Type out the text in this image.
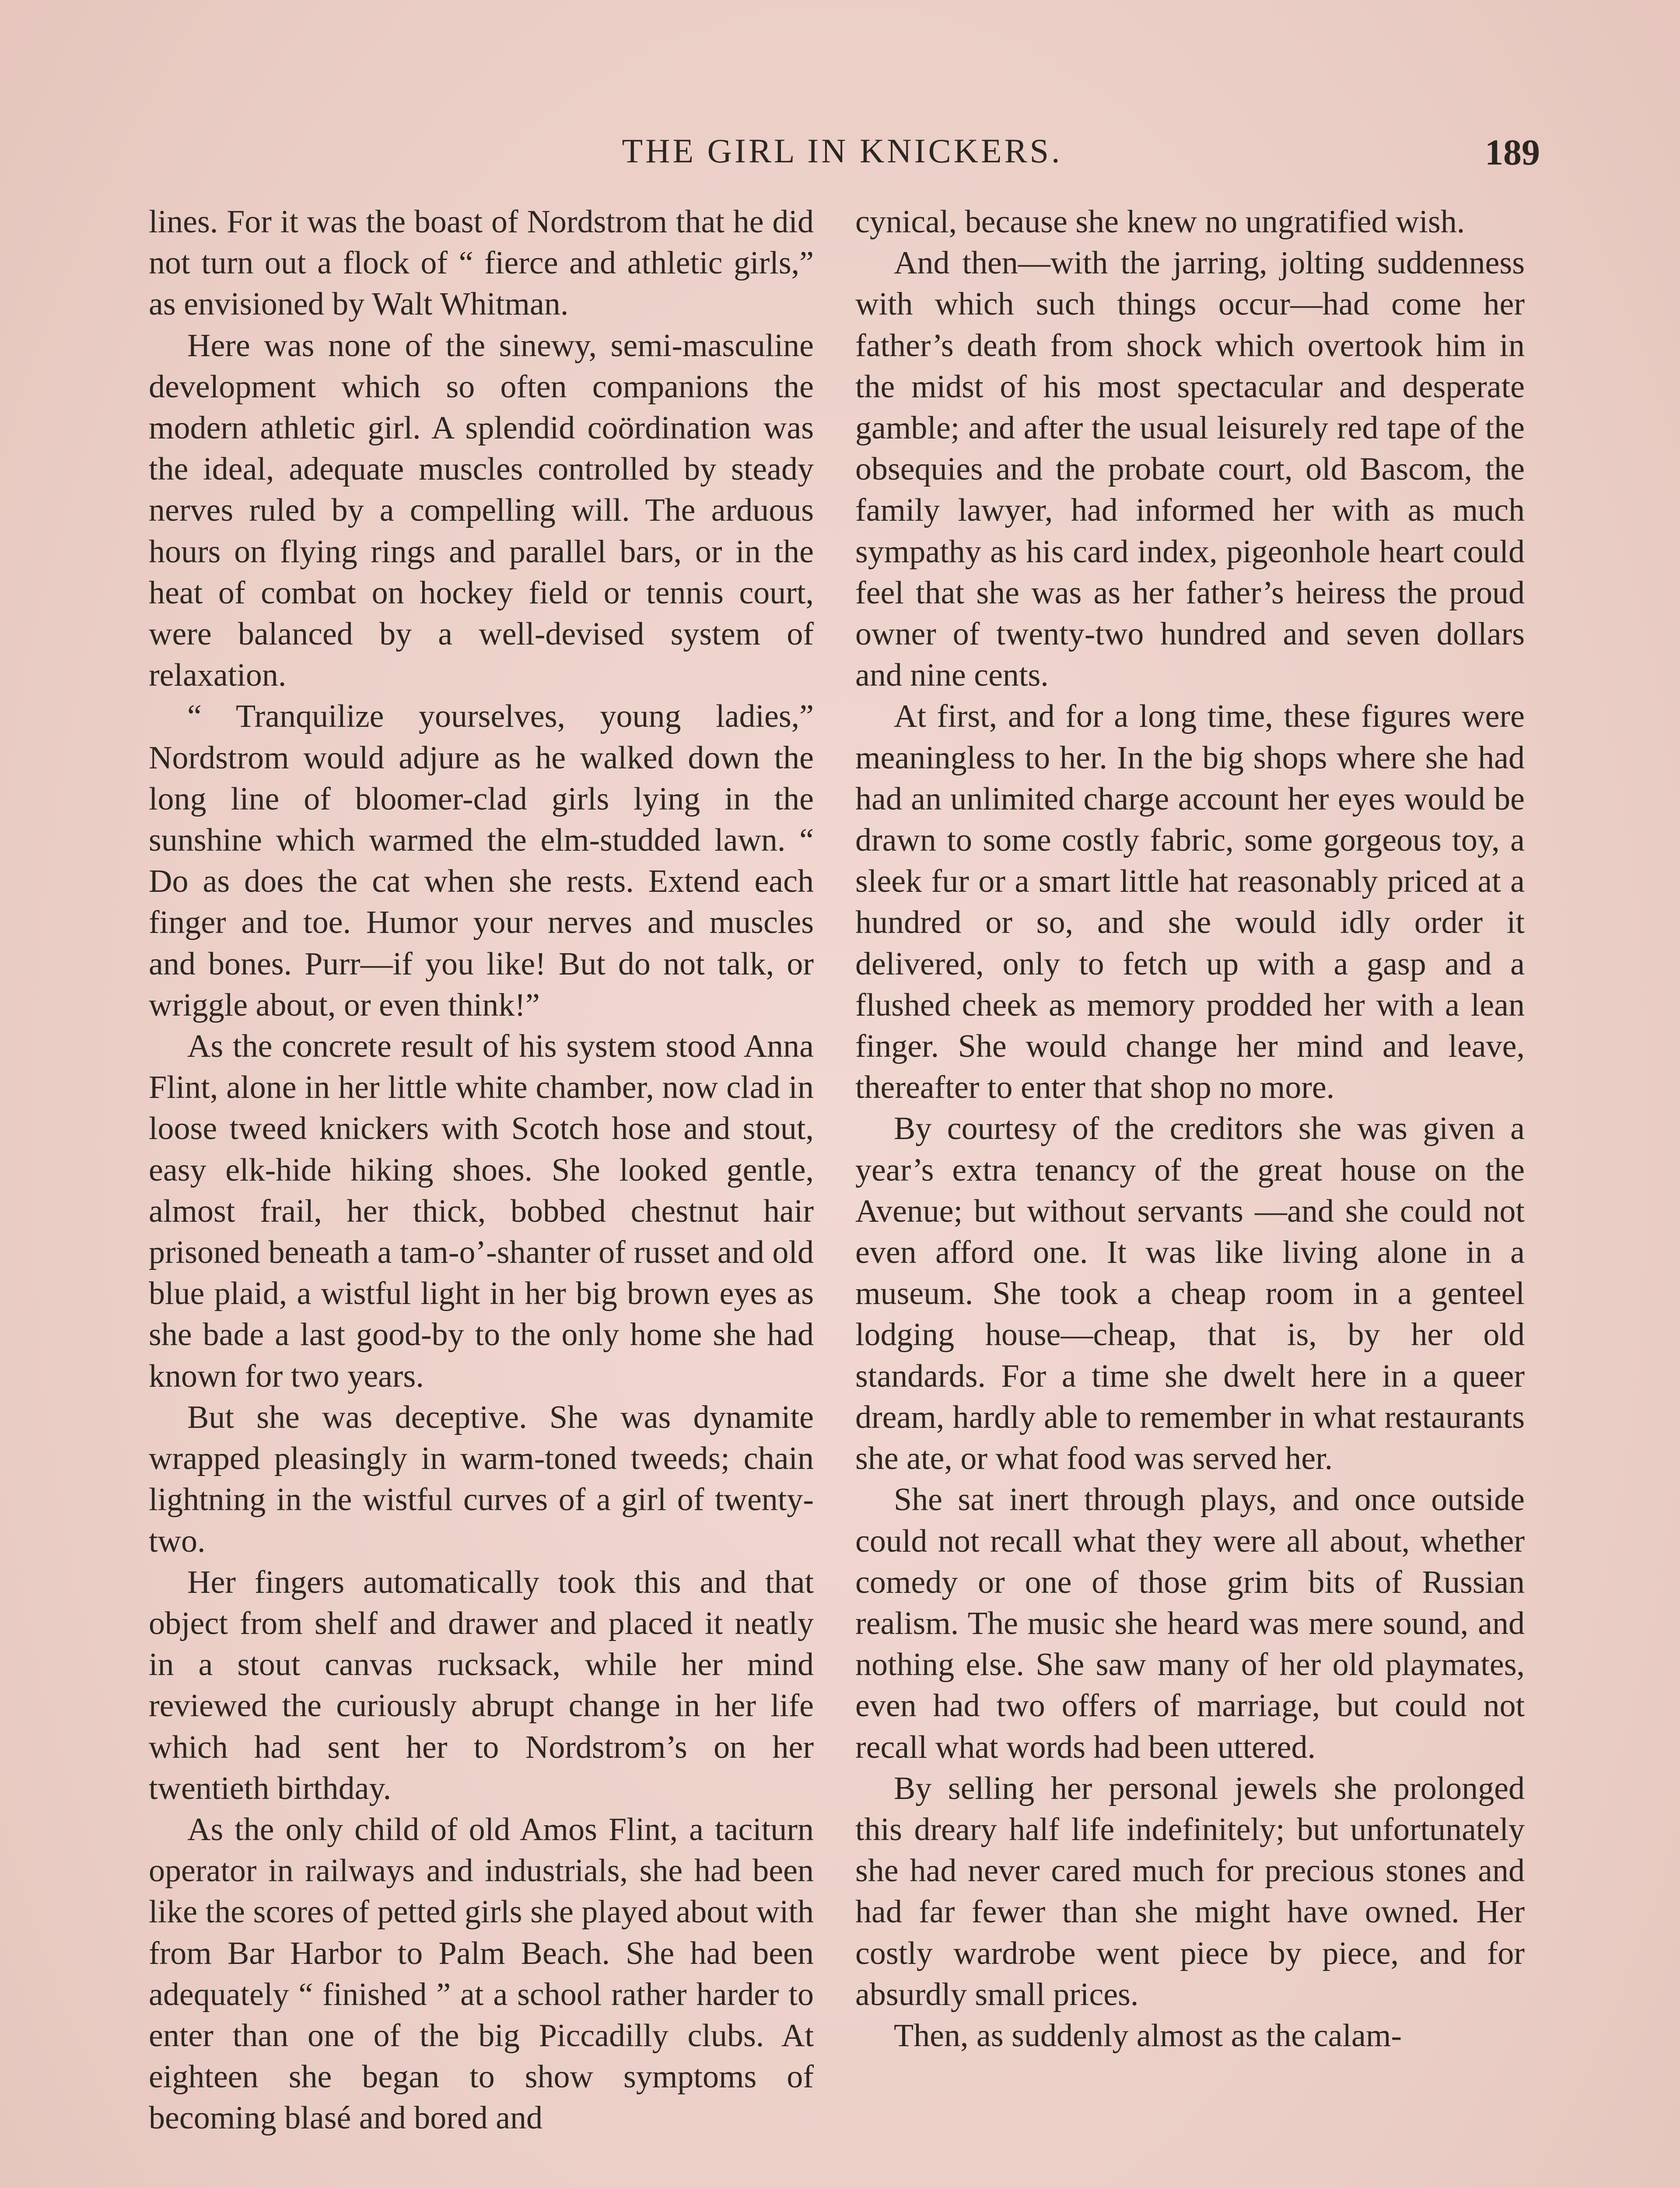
THE GIRL IN KNICKERS.	189

lines. For it was the boast of Nordstrom that he did not turn out a flock of “ fierce and athletic girls,” as envisioned by Walt Whitman.

Here was none of the sinewy, semi-masculine development which so often companions the modern athletic girl. A splendid coördination was the ideal, adequate muscles controlled by steady nerves ruled by a compelling will. The arduous hours on flying rings and parallel bars, or in the heat of combat on hockey field or tennis court, were balanced by a well-devised system of relaxation.

“ Tranquilize yourselves, young ladies,” Nordstrom would adjure as he walked down the long line of bloomer-clad girls lying in the sunshine which warmed the elm-studded lawn. “ Do as does the cat when she rests. Extend each finger and toe. Humor your nerves and muscles and bones. Purr—if you like! But do not talk, or wriggle about, or even think!”

As the concrete result of his system stood Anna Flint, alone in her little white chamber, now clad in loose tweed knickers with Scotch hose and stout, easy elk-hide hiking shoes. She looked gentle, almost frail, her thick, bobbed chestnut hair prisoned beneath a tam-o’-shanter of russet and old blue plaid, a wistful light in her big brown eyes as she bade a last good-by to the only home she had known for two years.

But she was deceptive. She was dynamite wrapped pleasingly in warm-toned tweeds; chain lightning in the wistful curves of a girl of twenty-two.

Her fingers automatically took this and that object from shelf and drawer and placed it neatly in a stout canvas rucksack, while her mind reviewed the curiously abrupt change in her life which had sent her to Nordstrom’s on her twentieth birthday.

As the only child of old Amos Flint, a taciturn operator in railways and industrials, she had been like the scores of petted girls she played about with from Bar Harbor to Palm Beach. She had been adequately “ finished ” at a school rather harder to enter than one of the big Piccadilly clubs. At eighteen she began to show symptoms of becoming blasé and bored and

cynical, because she knew no ungratified wish.

And then—with the jarring, jolting suddenness with which such things occur—had come her father’s death from shock which overtook him in the midst of his most spectacular and desperate gamble; and after the usual leisurely red tape of the obsequies and the probate court, old Bascom, the family lawyer, had informed her with as much sympathy as his card index, pigeonhole heart could feel that she was as her father’s heiress the proud owner of twenty-two hundred and seven dollars and nine cents.

At first, and for a long time, these figures were meaningless to her. In the big shops where she had had an unlimited charge account her eyes would be drawn to some costly fabric, some gorgeous toy, a sleek fur or a smart little hat reasonably priced at a hundred or so, and she would idly order it delivered, only to fetch up with a gasp and a flushed cheek as memory prodded her with a lean finger. She would change her mind and leave, thereafter to enter that shop no more.

By courtesy of the creditors she was given a year’s extra tenancy of the great house on the Avenue; but without servants —and she could not even afford one. It was like living alone in a museum. She took a cheap room in a genteel lodging house—cheap, that is, by her old standards. For a time she dwelt here in a queer dream, hardly able to remember in what restaurants she ate, or what food was served her.

She sat inert through plays, and once outside could not recall what they were all about, whether comedy or one of those grim bits of Russian realism. The music she heard was mere sound, and nothing else. She saw many of her old playmates, even had two offers of marriage, but could not recall what words had been uttered.

By selling her personal jewels she prolonged this dreary half life indefinitely; but unfortunately she had never cared much for precious stones and had far fewer than she might have owned. Her costly wardrobe went piece by piece, and for absurdly small prices.

Then, as suddenly almost as the calam-
